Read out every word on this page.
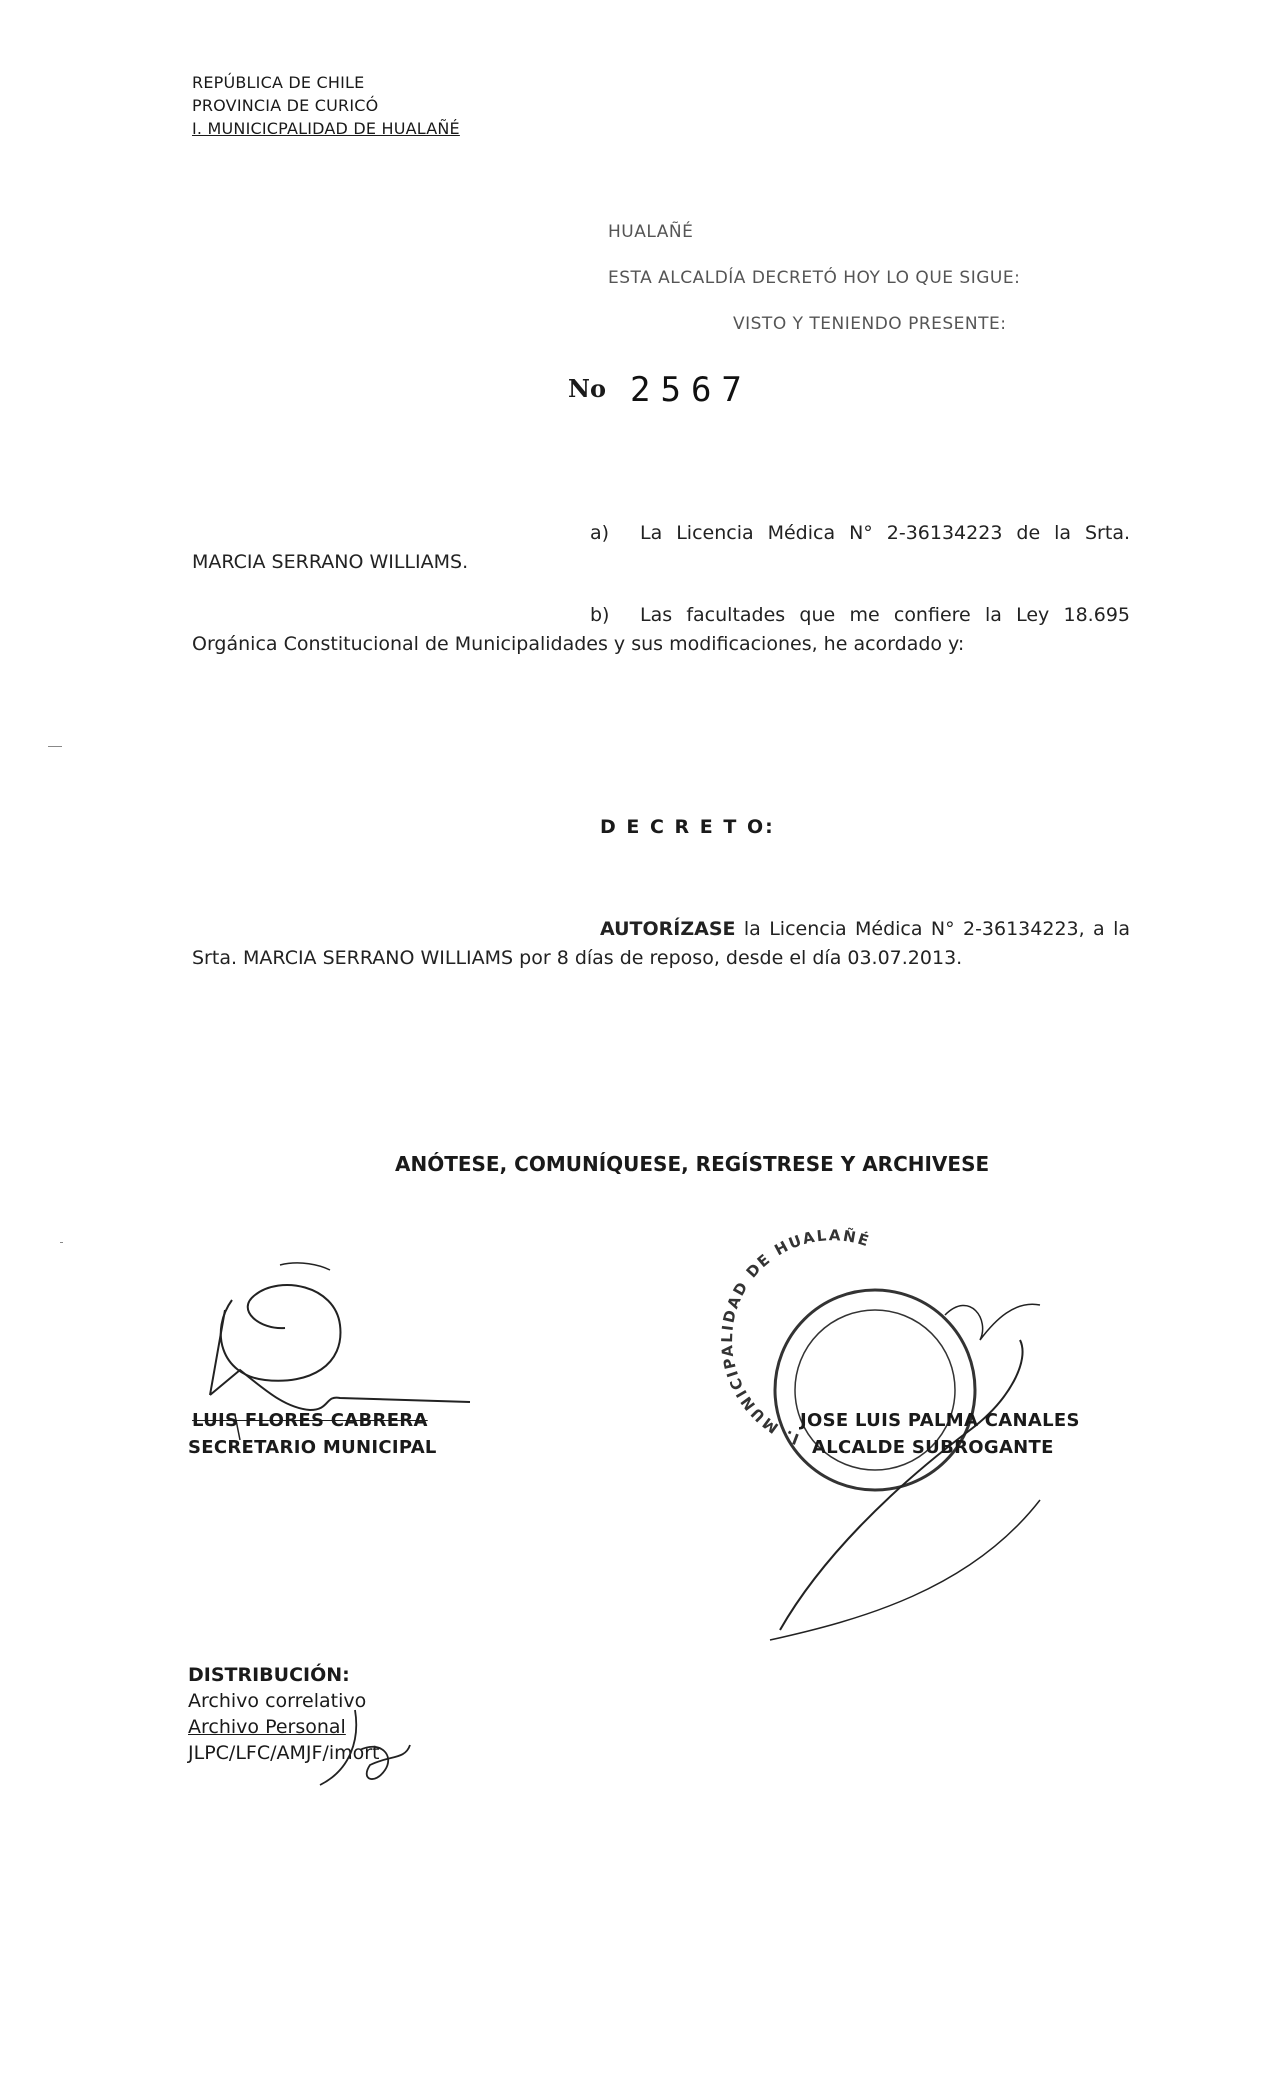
REPÚBLICA DE CHILE
PROVINCIA DE CURICÓ
I. MUNICICPALIDAD DE HUALAÑÉ
HUALAÑÉ
ESTA ALCALDÍA DECRETÓ HOY LO QUE SIGUE:
VISTO Y TENIENDO PRESENTE:
No 2567
a) La Licencia Médica N° 2-36134223 de la Srta.
MARCIA SERRANO WILLIAMS.
b) Las facultades que me confiere la Ley 18.695
Orgánica Constitucional de Municipalidades y sus modificaciones, he acordado y:
D E C R E T O:
AUTORÍZASE la Licencia Médica N° 2-36134223, a la
Srta. MARCIA SERRANO WILLIAMS por 8 días de reposo, desde el día 03.07.2013.
ANÓTESE, COMUNÍQUESE, REGÍSTRESE Y ARCHIVESE
LUIS FLORES CABRERA
SECRETARIO MUNICIPAL	I. MUNICIPALIDAD DE HUALAÑÉ
JOSE LUIS PALMA CANALES
ALCALDE SUBROGANTE
DISTRIBUCIÓN:
Archivo correlativo
Archivo Personal
JLPC/LFC/AMJF/imort
